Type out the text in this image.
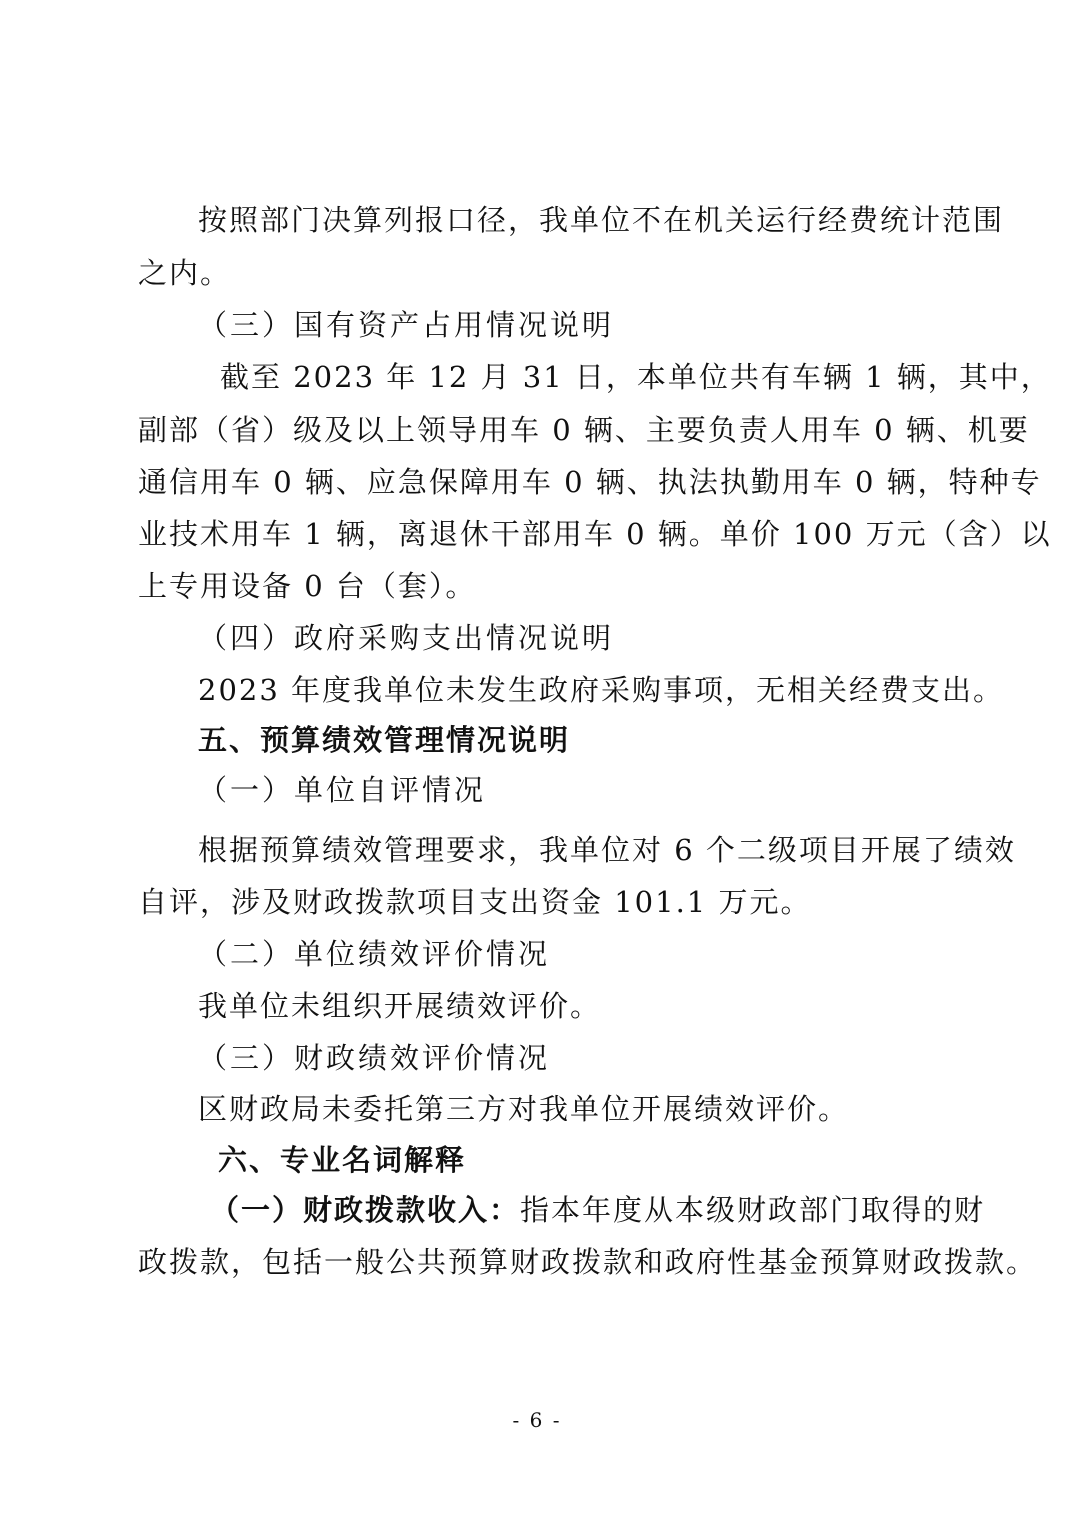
按照部门决算列报口径，我单位不在机关运行经费统计范围
之内。
（三）国有资产占用情况说明
截至 2023 年 12 月 31 日，本单位共有车辆 1 辆，其中，
副部（省）级及以上领导用车 0 辆、主要负责人用车 0 辆、机要
通信用车 0 辆、应急保障用车 0 辆、执法执勤用车 0 辆，特种专
业技术用车 1 辆，离退休干部用车 0 辆。单价 100 万元（含）以
上专用设备 0 台（套）。
（四）政府采购支出情况说明
2023 年度我单位未发生政府采购事项，无相关经费支出。
五、预算绩效管理情况说明
（一）单位自评情况
根据预算绩效管理要求，我单位对 6 个二级项目开展了绩效
自评，涉及财政拨款项目支出资金 101.1 万元。
（二）单位绩效评价情况
我单位未组织开展绩效评价。
（三）财政绩效评价情况
区财政局未委托第三方对我单位开展绩效评价。
六、专业名词解释
（一）财政拨款收入：指本年度从本级财政部门取得的财
政拨款，包括一般公共预算财政拨款和政府性基金预算财政拨款。
- 6 -
